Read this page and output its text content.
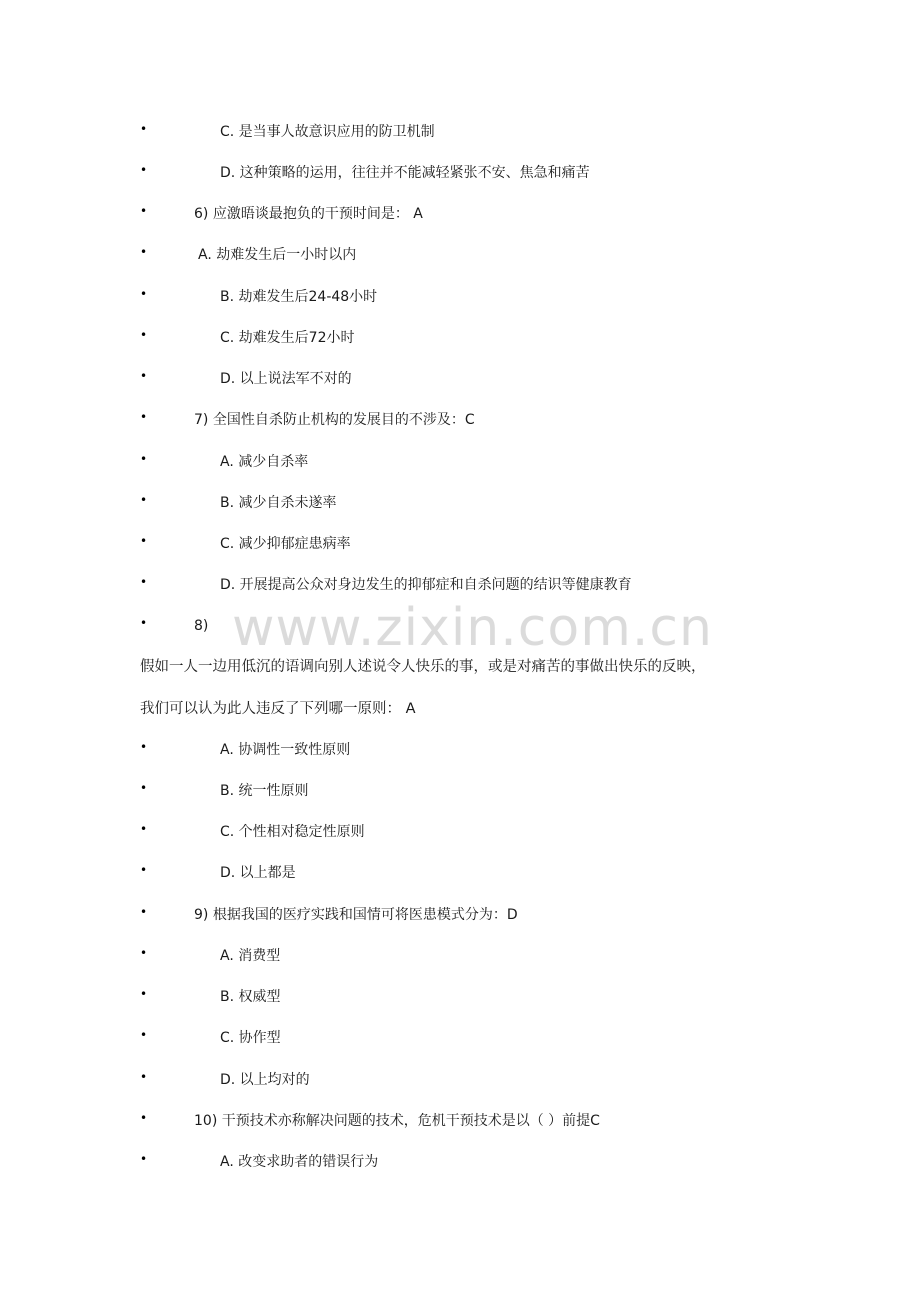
•	C. 是当事人故意识应用的防卫机制
•	D. 这种策略的运用，往往并不能减轻紧张不安、焦急和痛苦
•	6) 应激晤谈最抱负的干预时间是： A
•	A. 劫难发生后一小时以内
•	B. 劫难发生后24-48小时
•	C. 劫难发生后72小时
•	D. 以上说法军不对的
•	7) 全国性自杀防止机构的发展目的不涉及：C
•	A. 减少自杀率
•	B. 减少自杀未遂率
•	C. 减少抑郁症患病率
•	D. 开展提高公众对身边发生的抑郁症和自杀问题的结识等健康教育
•	8)
假如一人一边用低沉的语调向别人述说令人快乐的事，或是对痛苦的事做出快乐的反映，
我们可以认为此人违反了下列哪一原则： A
•	A. 协调性一致性原则
•	B. 统一性原则
•	C. 个性相对稳定性原则
•	D. 以上都是
•	9) 根据我国的医疗实践和国情可将医患模式分为：D
•	A. 消费型
•	B. 权威型
•	C. 协作型
•	D. 以上均对的
•	10) 干预技术亦称解决问题的技术，危机干预技术是以（ ）前提C
•	A. 改变求助者的错误行为
www.zixin.com.cn
